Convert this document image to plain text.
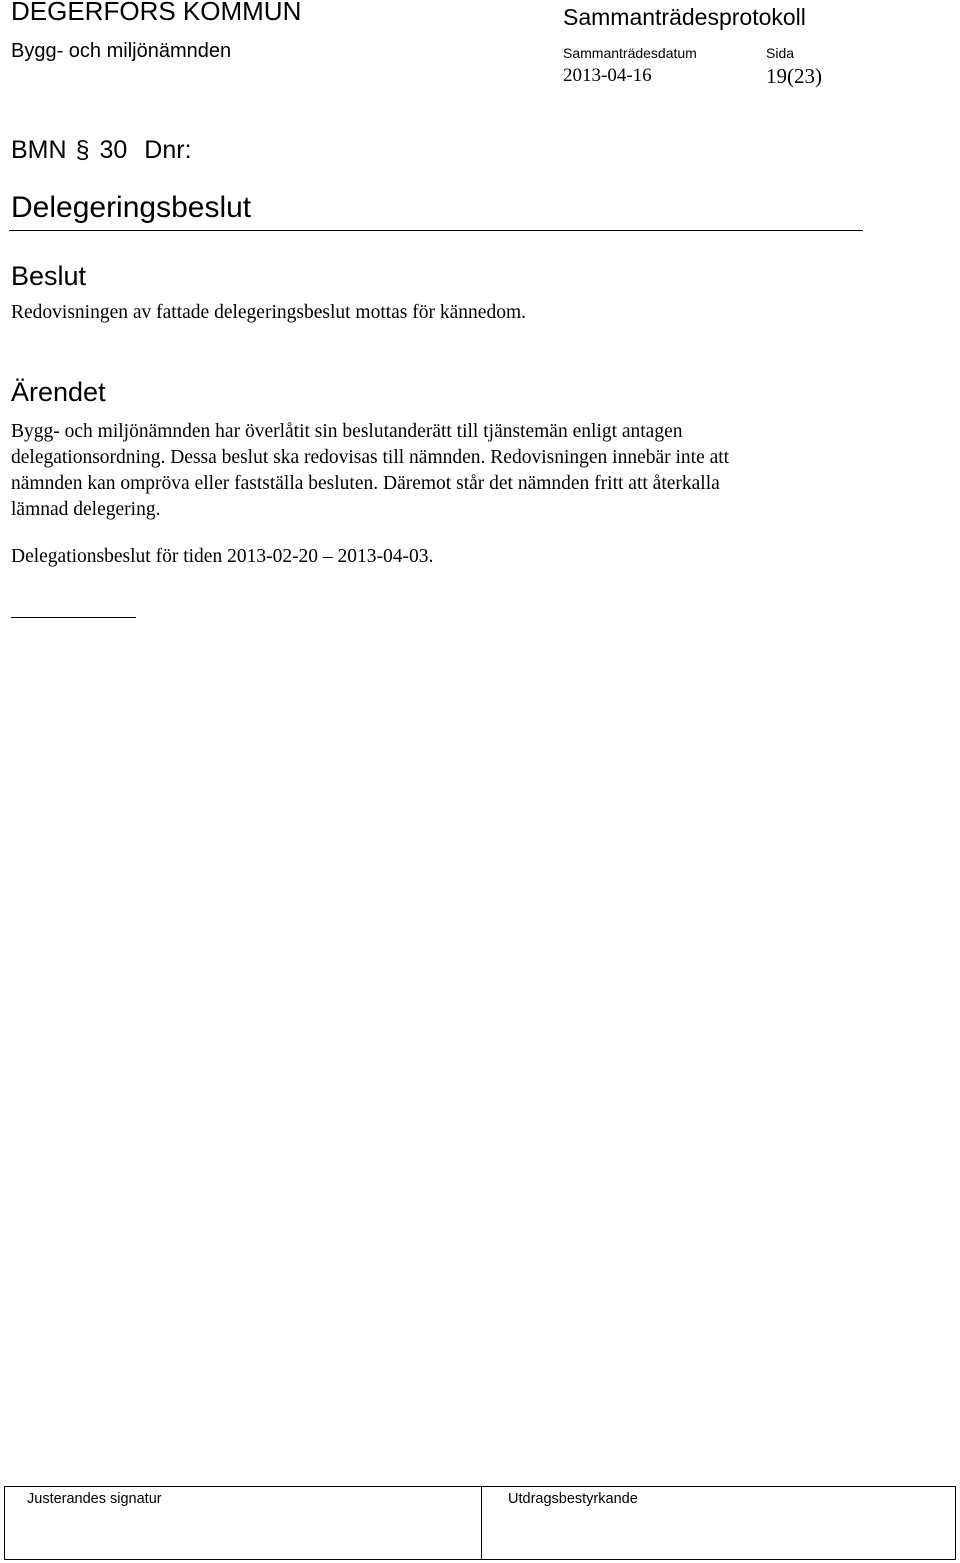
DEGERFORS KOMMUN
Bygg- och miljönämnden
Sammanträdesprotokoll
Sammanträdesdatum
2013-04-16
Sida
19(23)
BMN § 30 Dnr:
Delegeringsbeslut
Beslut
Redovisningen av fattade delegeringsbeslut mottas för kännedom.
Ärendet
Bygg- och miljönämnden har överlåtit sin beslutanderätt till tjänstemän enligt antagen
delegationsordning. Dessa beslut ska redovisas till nämnden. Redovisningen innebär inte att
nämnden kan ompröva eller fastställa besluten. Däremot står det nämnden fritt att återkalla
lämnad delegering.
Delegationsbeslut för tiden 2013-02-20 – 2013-04-03.
Justerandes signatur	Utdragsbestyrkande
